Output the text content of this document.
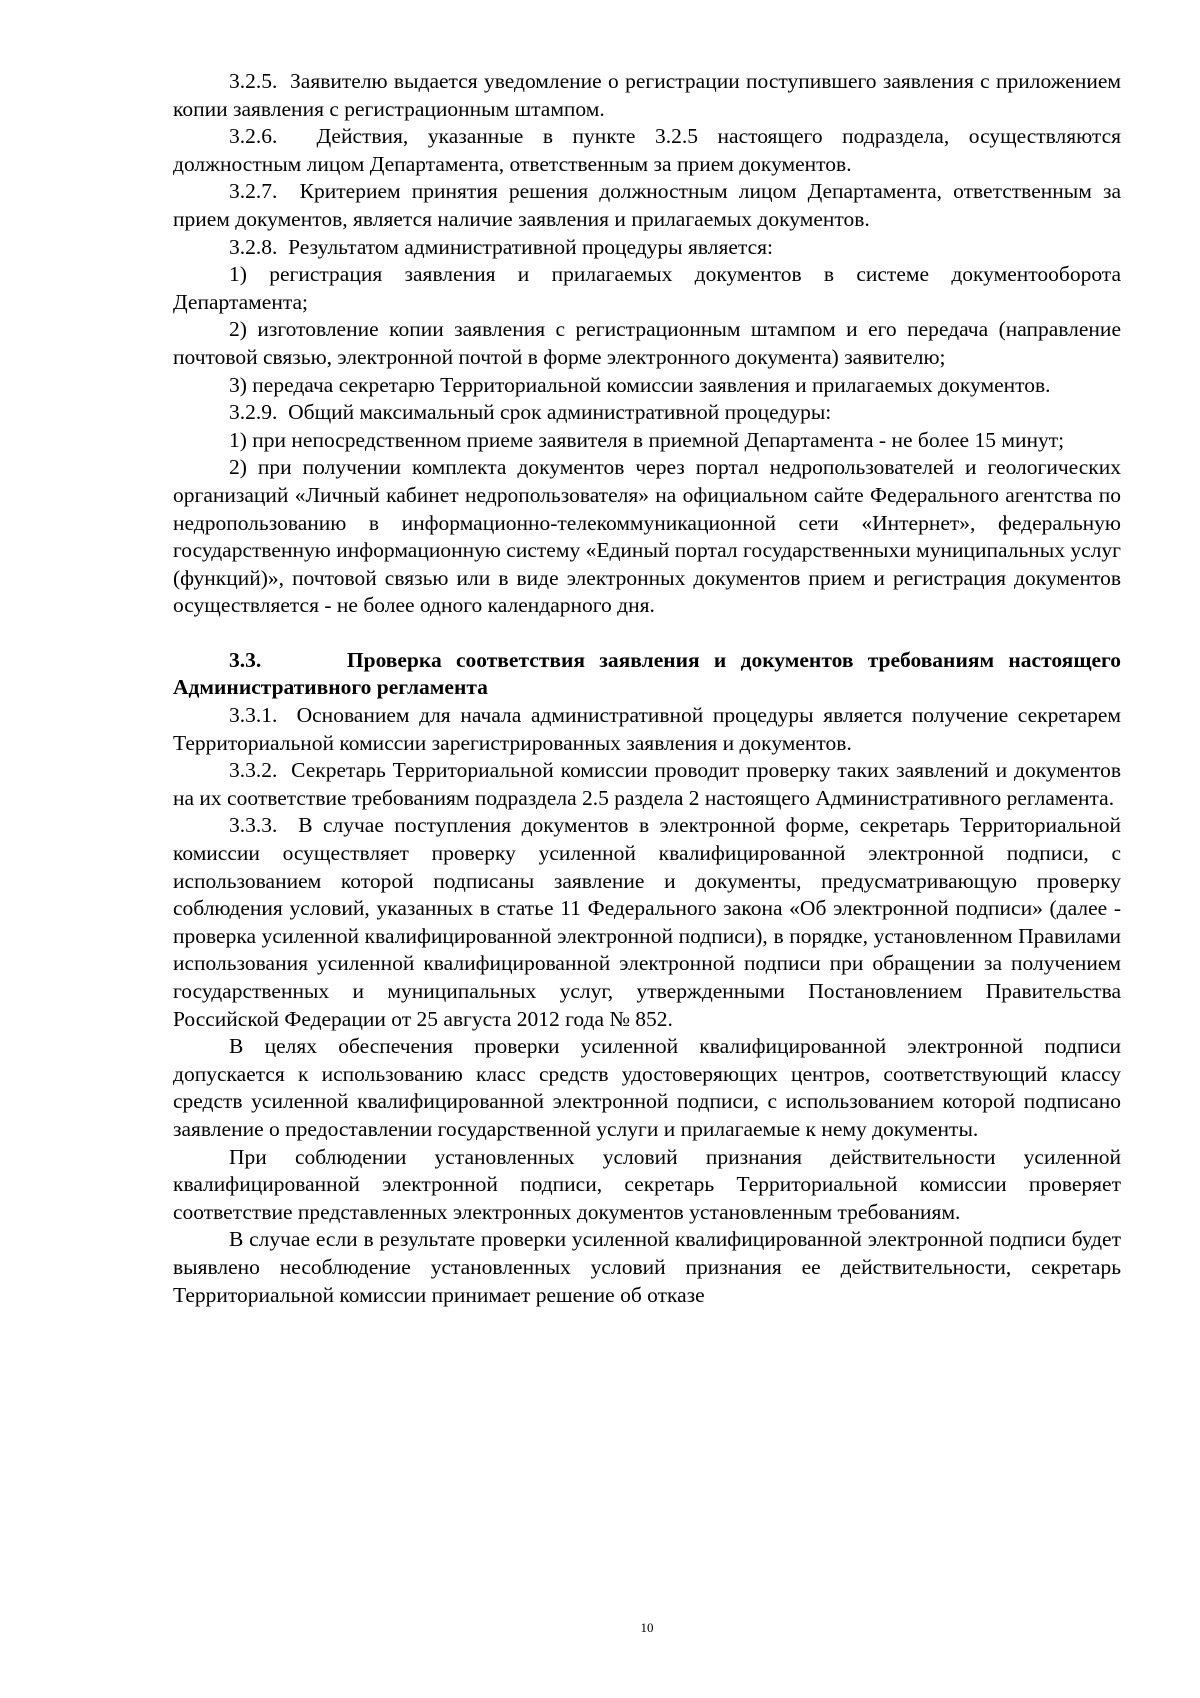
3.2.5.  Заявителю выдается уведомление о регистрации поступившего заявления с приложением копии заявления с регистрационным штампом.

3.2.6.  Действия, указанные в пункте 3.2.5 настоящего подраздела, осуществляются должностным лицом Департамента, ответственным за прием документов.

3.2.7.  Критерием принятия решения должностным лицом Департамента, ответственным за прием документов, является наличие заявления и прилагаемых документов.

3.2.8.  Результатом административной процедуры является:

1) регистрация заявления и прилагаемых документов в системе документооборота Департамента;

2) изготовление копии заявления с регистрационным штампом и его передача (направление почтовой связью, электронной почтой в форме электронного документа) заявителю;

3) передача секретарю Территориальной комиссии заявления и прилагаемых документов.

3.2.9.  Общий максимальный срок административной процедуры:

1) при непосредственном приеме заявителя в приемной Департамента - не более 15 минут;

2) при получении комплекта документов через портал недропользователей и геологических организаций «Личный кабинет недропользователя» на официальном сайте Федерального агентства по недропользованию в информационно-телекоммуникационной сети «Интернет», федеральную государственную информационную систему «Единый портал государственныхи муниципальных услуг (функций)», почтовой связью или в виде электронных документов прием и регистрация документов осуществляется - не более одного календарного дня.

3.3.      Проверка соответствия заявления и документов требованиям настоящего Административного регламента

3.3.1.  Основанием для начала административной процедуры является получение секретарем Территориальной комиссии зарегистрированных заявления и документов.

3.3.2.  Секретарь Территориальной комиссии проводит проверку таких заявлений и документов на их соответствие требованиям подраздела 2.5 раздела 2 настоящего Административного регламента.

3.3.3.  В случае поступления документов в электронной форме, секретарь Территориальной комиссии осуществляет проверку усиленной квалифицированной электронной подписи, с использованием которой подписаны заявление и документы, предусматривающую проверку соблюдения условий, указанных в статье 11 Федерального закона «Об электронной подписи» (далее - проверка усиленной квалифицированной электронной подписи), в порядке, установленном Правилами использования усиленной квалифицированной электронной подписи при обращении за получением государственных и муниципальных услуг, утвержденными Постановлением Правительства Российской Федерации от 25 августа 2012 года № 852.

В целях обеспечения проверки усиленной квалифицированной электронной подписи допускается к использованию класс средств удостоверяющих центров, соответствующий классу средств усиленной квалифицированной электронной подписи, с использованием которой подписано заявление о предоставлении государственной услуги и прилагаемые к нему документы.

При соблюдении установленных условий признания действительности усиленной квалифицированной электронной подписи, секретарь Территориальной комиссии проверяет соответствие представленных электронных документов установленным требованиям.

В случае если в результате проверки усиленной квалифицированной электронной подписи будет выявлено несоблюдение установленных условий признания ее действительности, секретарь Территориальной комиссии принимает решение об отказе

10
